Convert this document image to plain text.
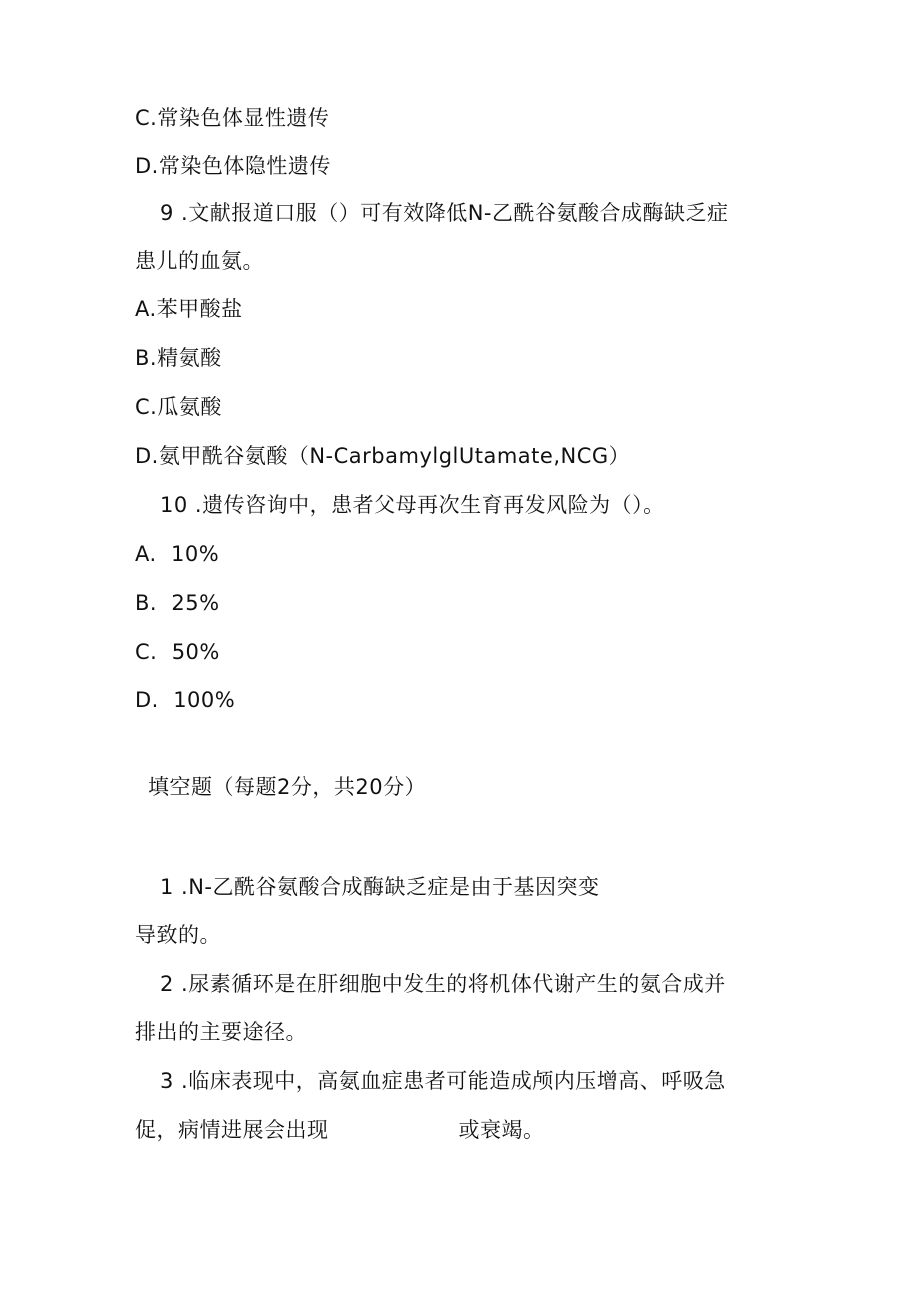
C.常染色体显性遗传
D.常染色体隐性遗传
9 .文献报道口服（）可有效降低N-乙酰谷氨酸合成酶缺乏症
患儿的血氨。
A.苯甲酸盐
B.精氨酸
C.瓜氨酸
D.氨甲酰谷氨酸（N-CarbamylglUtamate,NCG）
10 .遗传咨询中，患者父母再次生育再发风险为（）。
A.  10%
B.  25%
C.  50%
D.  100%
填空题（每题2分，共20分）
1 .N-乙酰谷氨酸合成酶缺乏症是由于基因突变
导致的。
2 .尿素循环是在肝细胞中发生的将机体代谢产生的氨合成并
排出的主要途径。
3 .临床表现中，高氨血症患者可能造成颅内压增高、呼吸急
促，病情进展会出现	或衰竭。
